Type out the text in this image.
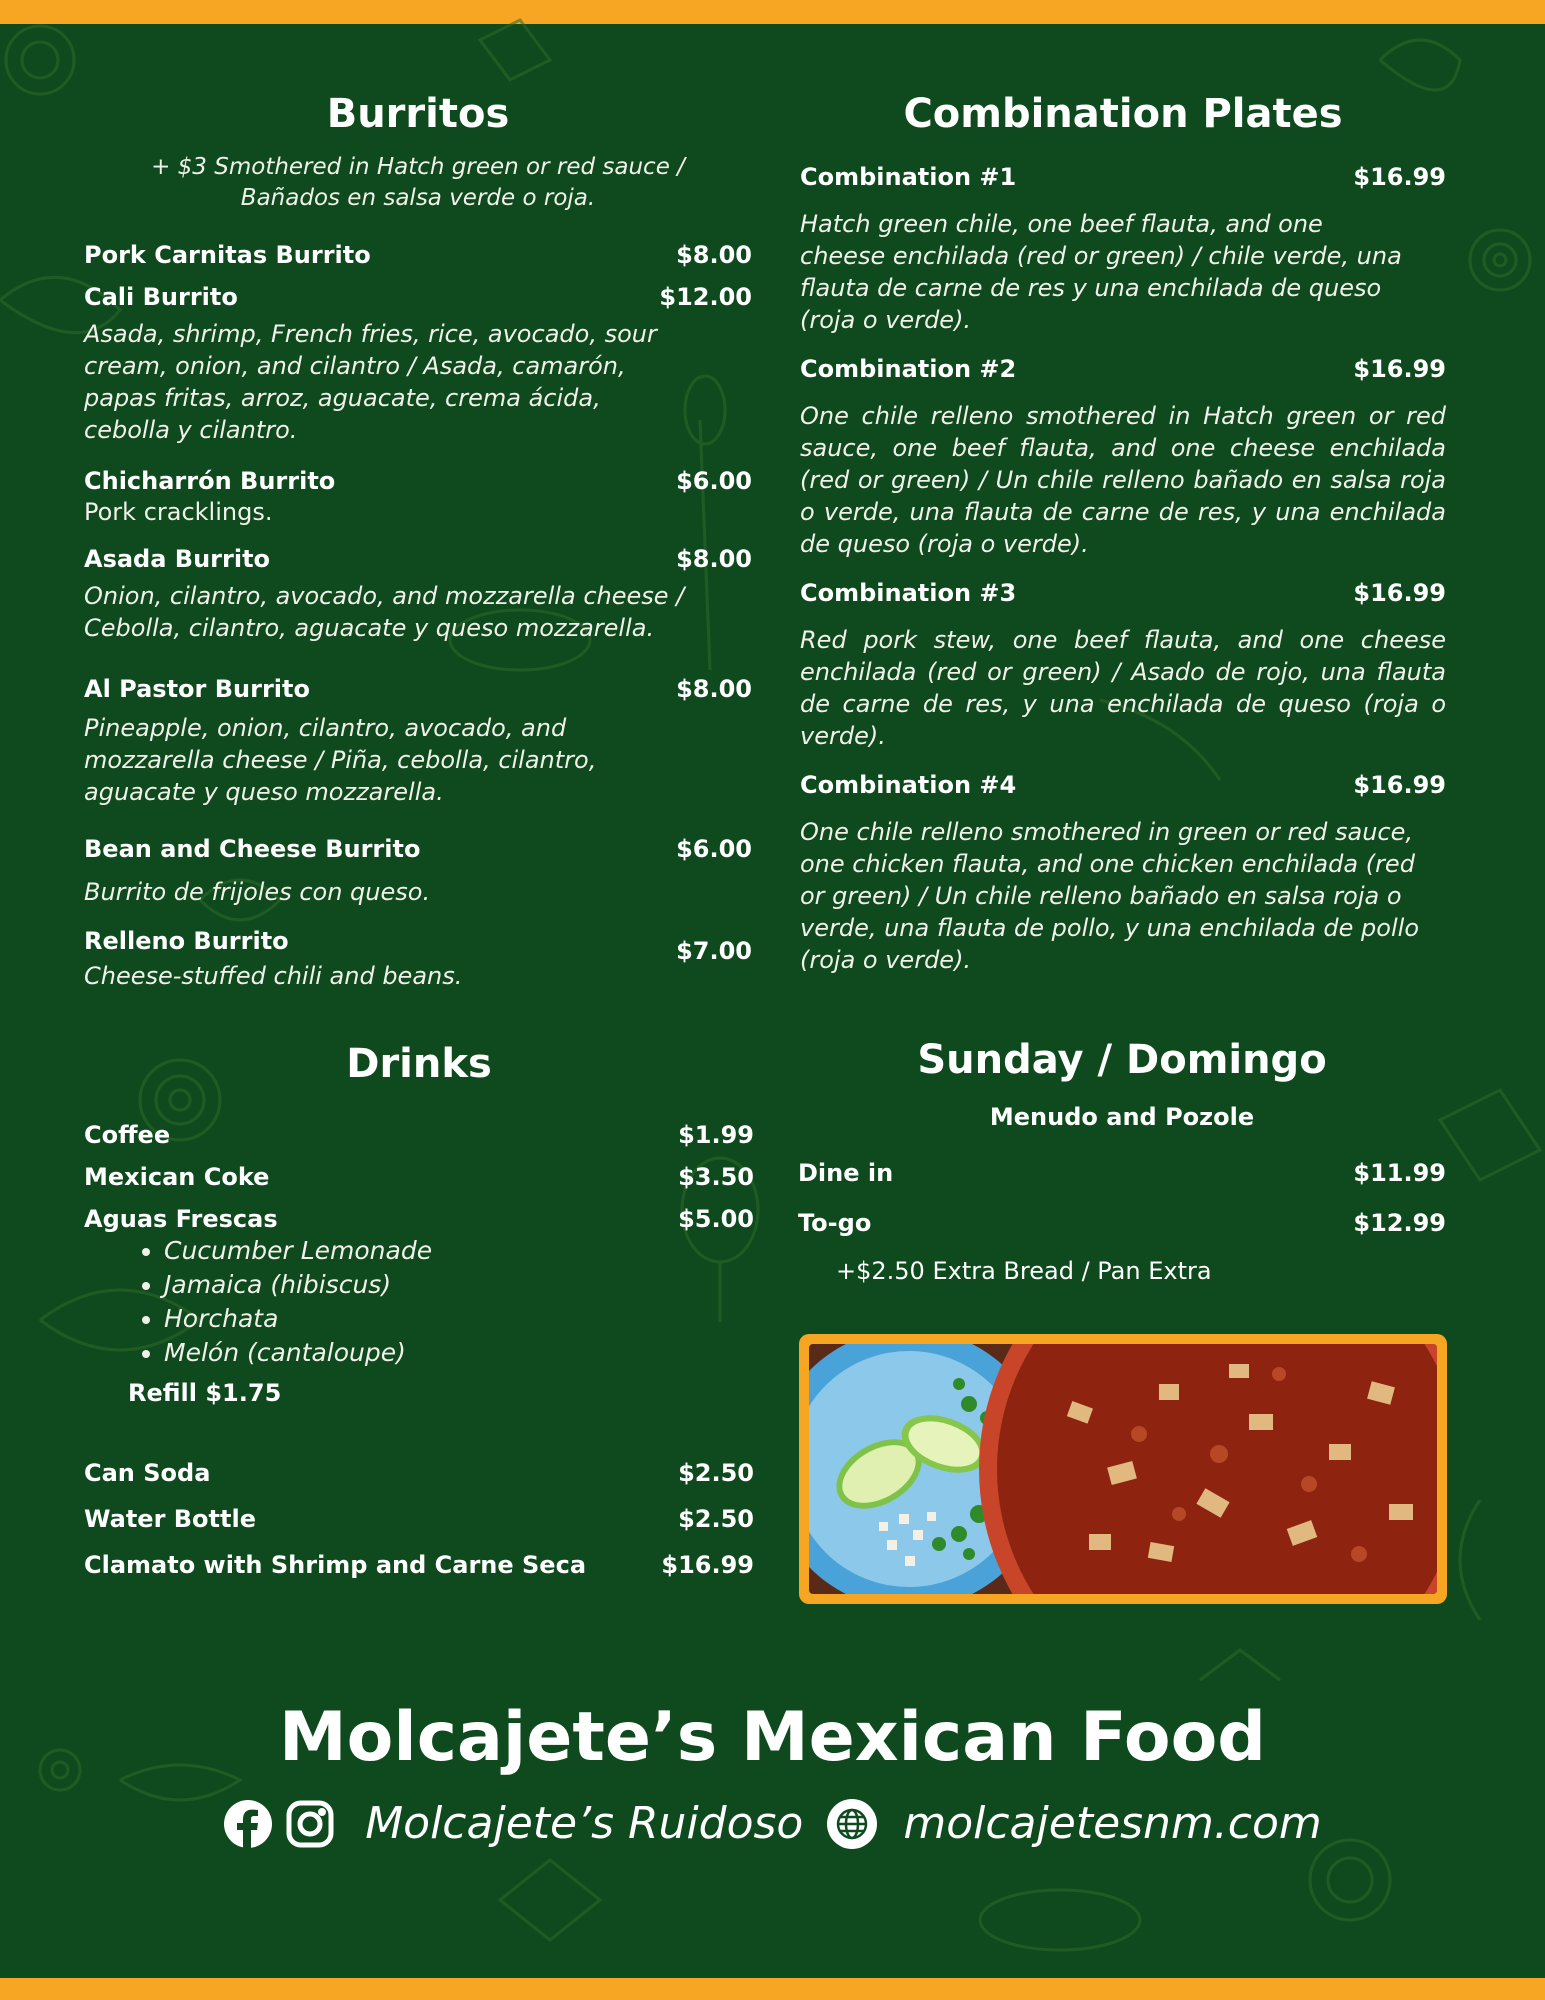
Burritos
+ $3 Smothered in Hatch green or red sauce / Bañados en salsa verde o roja.
Pork Carnitas Burrito	$8.00
Cali Burrito	$12.00
Asada, shrimp, French fries, rice, avocado, sour cream, onion, and cilantro / Asada, camarón, papas fritas, arroz, aguacate, crema ácida, cebolla y cilantro.
Chicharrón Burrito	$6.00
Pork cracklings.
Asada Burrito	$8.00
Onion, cilantro, avocado, and mozzarella cheese / Cebolla, cilantro, aguacate y queso mozzarella.
Al Pastor Burrito	$8.00
Pineapple, onion, cilantro, avocado, and mozzarella cheese / Piña, cebolla, cilantro, aguacate y queso mozzarella.
Bean and Cheese Burrito	$6.00
Burrito de frijoles con queso.
Relleno Burrito	$7.00
Cheese-stuffed chili and beans.
Combination Plates
Combination #1	$16.99
Hatch green chile, one beef flauta, and one cheese enchilada (red or green) / chile verde, una flauta de carne de res y una enchilada de queso (roja o verde).
Combination #2	$16.99
One chile relleno smothered in Hatch green or red sauce, one beef flauta, and one cheese enchilada (red or green) / Un chile relleno bañado en salsa roja o verde, una flauta de carne de res, y una enchilada de queso (roja o verde).
Combination #3	$16.99
Red pork stew, one beef flauta, and one cheese enchilada (red or green) / Asado de rojo, una flauta de carne de res, y una enchilada de queso (roja o verde).
Combination #4	$16.99
One chile relleno smothered in green or red sauce, one chicken flauta, and one chicken enchilada (red or green) / Un chile relleno bañado en salsa roja o verde, una flauta de pollo, y una enchilada de pollo (roja o verde).
Drinks
Coffee	$1.99
Mexican Coke	$3.50
Aguas Frescas	$5.00
• Cucumber Lemonade
• Jamaica (hibiscus)
• Horchata
• Melón (cantaloupe)
Refill $1.75
Can Soda	$2.50
Water Bottle	$2.50
Clamato with Shrimp and Carne Seca	$16.99
Sunday / Domingo
Menudo and Pozole
Dine in	$11.99
To-go	$12.99
+$2.50 Extra Bread / Pan Extra
Molcajete’s Mexican Food
Molcajete’s Ruidoso molcajetesnm.com
